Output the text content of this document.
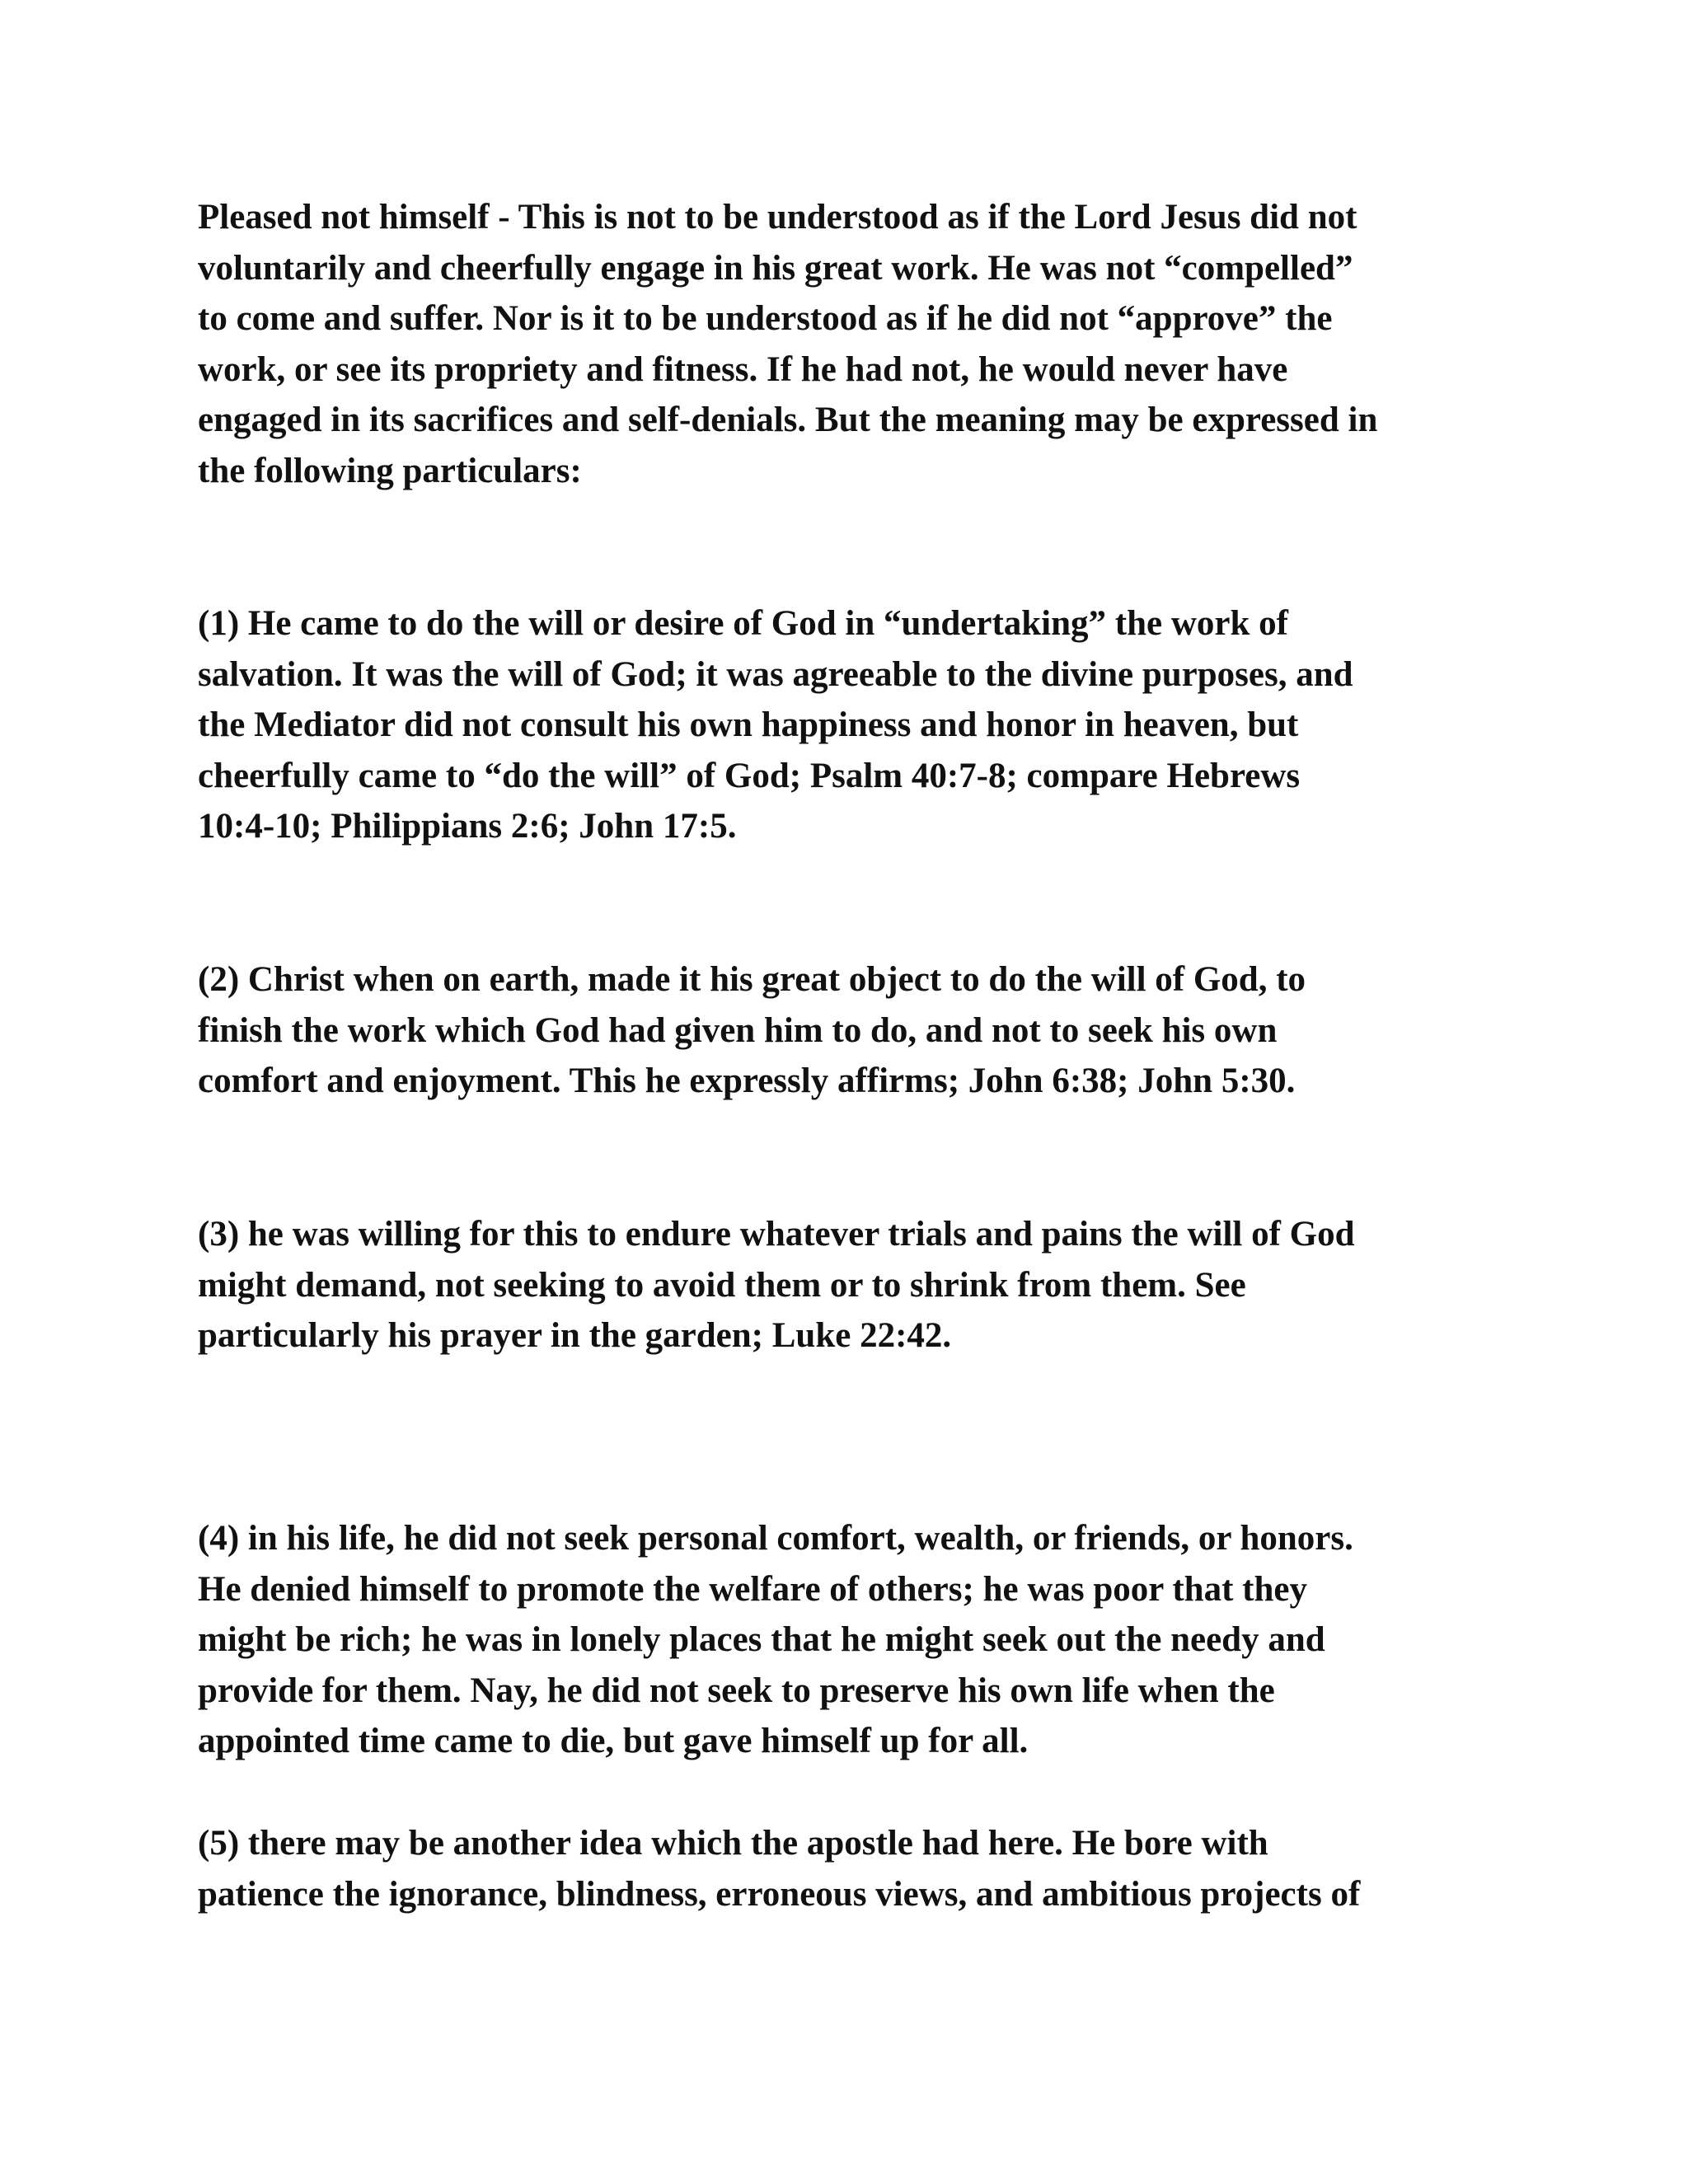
Pleased not himself - This is not to be understood as if the Lord Jesus did not
voluntarily and cheerfully engage in his great work. He was not “compelled”
to come and suffer. Nor is it to be understood as if he did not “approve” the
work, or see its propriety and fitness. If he had not, he would never have
engaged in its sacrifices and self-denials. But the meaning may be expressed in
the following particulars:

(1) He came to do the will or desire of God in “undertaking” the work of
salvation. It was the will of God; it was agreeable to the divine purposes, and
the Mediator did not consult his own happiness and honor in heaven, but
cheerfully came to “do the will” of God; Psalm 40:7-8; compare Hebrews
10:4-10; Philippians 2:6; John 17:5.

(2) Christ when on earth, made it his great object to do the will of God, to
finish the work which God had given him to do, and not to seek his own
comfort and enjoyment. This he expressly affirms; John 6:38; John 5:30.

(3) he was willing for this to endure whatever trials and pains the will of God
might demand, not seeking to avoid them or to shrink from them. See
particularly his prayer in the garden; Luke 22:42.

(4) in his life, he did not seek personal comfort, wealth, or friends, or honors.
He denied himself to promote the welfare of others; he was poor that they
might be rich; he was in lonely places that he might seek out the needy and
provide for them. Nay, he did not seek to preserve his own life when the
appointed time came to die, but gave himself up for all.

(5) there may be another idea which the apostle had here. He bore with
patience the ignorance, blindness, erroneous views, and ambitious projects of
